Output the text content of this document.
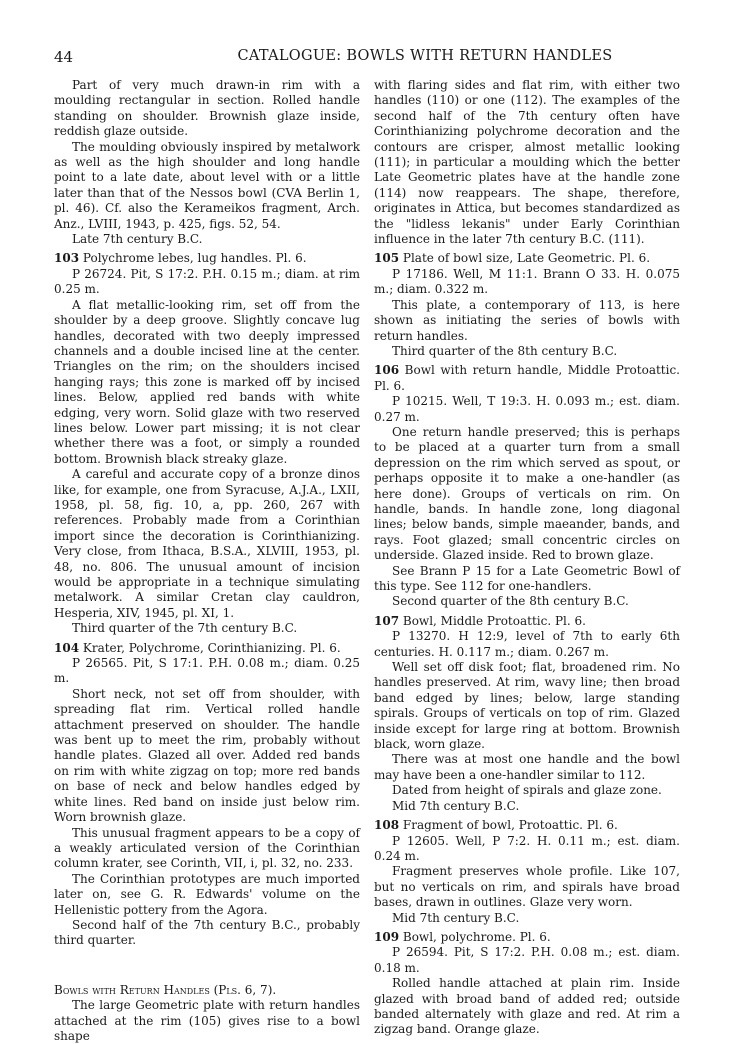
44	CATALOGUE: BOWLS WITH RETURN HANDLES

Part of very much drawn-in rim with a moulding rectangular in section. Rolled handle standing on shoulder. Brownish glaze inside, reddish glaze outside.

The moulding obviously inspired by metalwork as well as the high shoulder and long handle point to a late date, about level with or a little later than that of the Nessos bowl (CVA Berlin 1, pl. 46). Cf. also the Kerameikos fragment, Arch. Anz., LVIII, 1943, p. 425, figs. 52, 54.

Late 7th century B.C.

103 Polychrome lebes, lug handles. Pl. 6.

P 26724. Pit, S 17:2. P.H. 0.15 m.; diam. at rim 0.25 m.

A flat metallic-looking rim, set off from the shoulder by a deep groove. Slightly concave lug handles, decorated with two deeply impressed channels and a double incised line at the center. Triangles on the rim; on the shoulders incised hanging rays; this zone is marked off by incised lines. Below, applied red bands with white edging, very worn. Solid glaze with two reserved lines below. Lower part missing; it is not clear whether there was a foot, or simply a rounded bottom. Brownish black streaky glaze.

A careful and accurate copy of a bronze dinos like, for example, one from Syracuse, A.J.A., LXII, 1958, pl. 58, fig. 10, a, pp. 260, 267 with references. Probably made from a Corinthian import since the decoration is Corinthianizing. Very close, from Ithaca, B.S.A., XLVIII, 1953, pl. 48, no. 806. The unusual amount of incision would be appropriate in a technique simulating metalwork. A similar Cretan clay cauldron, Hesperia, XIV, 1945, pl. XI, 1.

Third quarter of the 7th century B.C.

104 Krater, Polychrome, Corinthianizing. Pl. 6.

P 26565. Pit, S 17:1. P.H. 0.08 m.; diam. 0.25 m.

Short neck, not set off from shoulder, with spreading flat rim. Vertical rolled handle attachment preserved on shoulder. The handle was bent up to meet the rim, probably without handle plates. Glazed all over. Added red bands on rim with white zigzag on top; more red bands on base of neck and below handles edged by white lines. Red band on inside just below rim. Worn brownish glaze.

This unusual fragment appears to be a copy of a weakly articulated version of the Corinthian column krater, see Corinth, VII, i, pl. 32, no. 233.

The Corinthian prototypes are much imported later on, see G. R. Edwards' volume on the Hellenistic pottery from the Agora.

Second half of the 7th century B.C., probably third quarter.

Bowls with Return Handles (Pls. 6, 7).

The large Geometric plate with return handles attached at the rim (105) gives rise to a bowl shape

with flaring sides and flat rim, with either two handles (110) or one (112). The examples of the second half of the 7th century often have Corinthianizing polychrome decoration and the contours are crisper, almost metallic looking (111); in particular a moulding which the better Late Geometric plates have at the handle zone (114) now reappears. The shape, therefore, originates in Attica, but becomes standardized as the "lidless lekanis" under Early Corinthian influence in the later 7th century B.C. (111).

105 Plate of bowl size, Late Geometric. Pl. 6.

P 17186. Well, M 11:1. Brann O 33. H. 0.075 m.; diam. 0.322 m.

This plate, a contemporary of 113, is here shown as initiating the series of bowls with return handles.

Third quarter of the 8th century B.C.

106 Bowl with return handle, Middle Protoattic. Pl. 6.

P 10215. Well, T 19:3. H. 0.093 m.; est. diam. 0.27 m.

One return handle preserved; this is perhaps to be placed at a quarter turn from a small depression on the rim which served as spout, or perhaps opposite it to make a one-handler (as here done). Groups of verticals on rim. On handle, bands. In handle zone, long diagonal lines; below bands, simple maeander, bands, and rays. Foot glazed; small concentric circles on underside. Glazed inside. Red to brown glaze.

See Brann P 15 for a Late Geometric Bowl of this type. See 112 for one-handlers.

Second quarter of the 8th century B.C.

107 Bowl, Middle Protoattic. Pl. 6.

P 13270. H 12:9, level of 7th to early 6th centuries. H. 0.117 m.; diam. 0.267 m.

Well set off disk foot; flat, broadened rim. No handles preserved. At rim, wavy line; then broad band edged by lines; below, large standing spirals. Groups of verticals on top of rim. Glazed inside except for large ring at bottom. Brownish black, worn glaze.

There was at most one handle and the bowl may have been a one-handler similar to 112.

Dated from height of spirals and glaze zone.

Mid 7th century B.C.

108 Fragment of bowl, Protoattic. Pl. 6.

P 12605. Well, P 7:2. H. 0.11 m.; est. diam. 0.24 m.

Fragment preserves whole profile. Like 107, but no verticals on rim, and spirals have broad bases, drawn in outlines. Glaze very worn.

Mid 7th century B.C.

109 Bowl, polychrome. Pl. 6.

P 26594. Pit, S 17:2. P.H. 0.08 m.; est. diam. 0.18 m.

Rolled handle attached at plain rim. Inside glazed with broad band of added red; outside banded alternately with glaze and red. At rim a zigzag band. Orange glaze.
